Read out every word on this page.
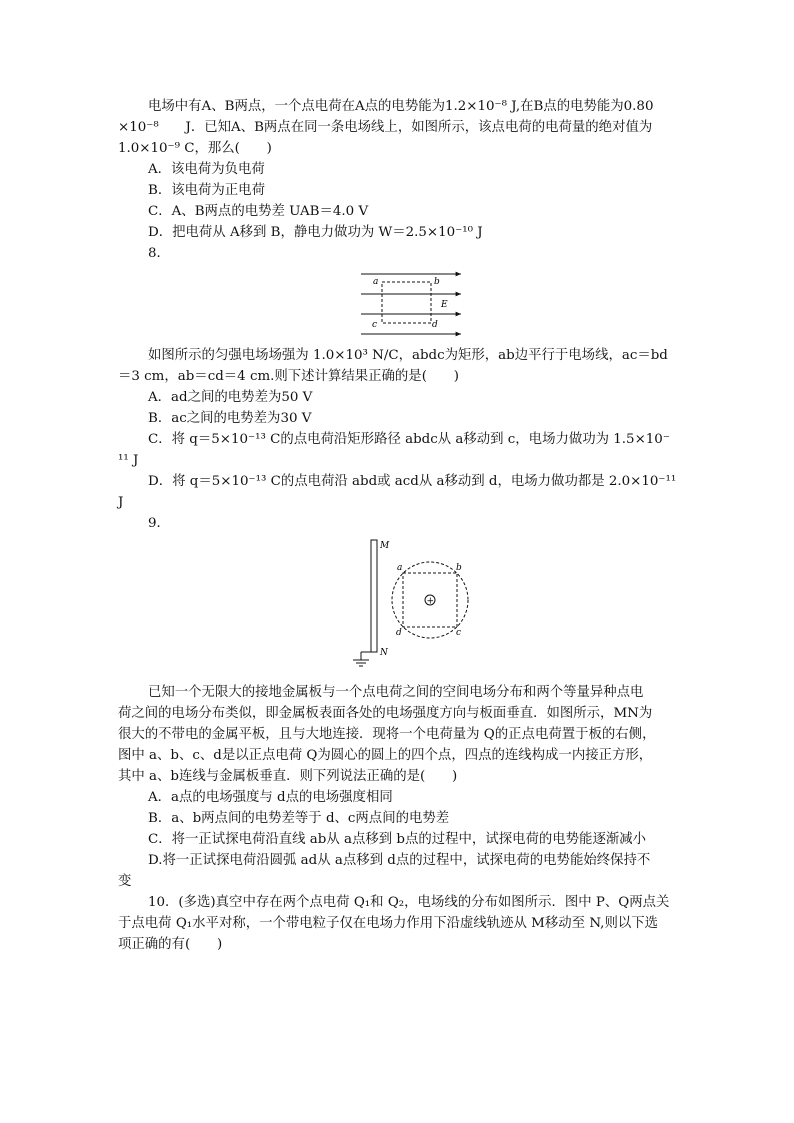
电场中有A、B两点，一个点电荷在A点的电势能为1.2×10⁻⁸ J,在B点的电势能为0.80
×10⁻⁸　　J．已知A、B两点在同一条电场线上，如图所示，该点电荷的电荷量的绝对值为
1.0×10⁻⁹ C，那么(　　)
A．该电荷为负电荷
B．该电荷为正电荷
C．A、B两点的电势差 UAB＝4.0 V
D．把电荷从 A移到 B，静电力做功为 W＝2.5×10⁻¹⁰ J
8．
a	b
E
c	d
如图所示的匀强电场场强为 1.0×10³ N/C，abdc为矩形，ab边平行于电场线，ac＝bd
＝3 cm，ab＝cd＝4 cm.则下述计算结果正确的是(　　)
A．ad之间的电势差为50 V
B．ac之间的电势差为30 V
C．将 q＝5×10⁻¹³ C的点电荷沿矩形路径 abdc从 a移动到 c，电场力做功为 1.5×10⁻
¹¹ J
D．将 q＝5×10⁻¹³ C的点电荷沿 abd或 acd从 a移动到 d，电场力做功都是 2.0×10⁻¹¹
J
9．
M
N
+
a	b
d	c
已知一个无限大的接地金属板与一个点电荷之间的空间电场分布和两个等量异种点电
荷之间的电场分布类似，即金属板表面各处的电场强度方向与板面垂直．如图所示，MN为
很大的不带电的金属平板，且与大地连接．现将一个电荷量为 Q的正点电荷置于板的右侧，
图中 a、b、c、d是以正点电荷 Q为圆心的圆上的四个点，四点的连线构成一内接正方形，
其中 a、b连线与金属板垂直．则下列说法正确的是(　　)
A．a点的电场强度与 d点的电场强度相同
B．a、b两点间的电势差等于 d、c两点间的电势差
C．将一正试探电荷沿直线 ab从 a点移到 b点的过程中，试探电荷的电势能逐渐减小
D.将一正试探电荷沿圆弧 ad从 a点移到 d点的过程中，试探电荷的电势能始终保持不
变
10．(多选)真空中存在两个点电荷 Q₁和 Q₂，电场线的分布如图所示．图中 P、Q两点关
于点电荷 Q₁水平对称，一个带电粒子仅在电场力作用下沿虚线轨迹从 M移动至 N,则以下选
项正确的有(　　)
